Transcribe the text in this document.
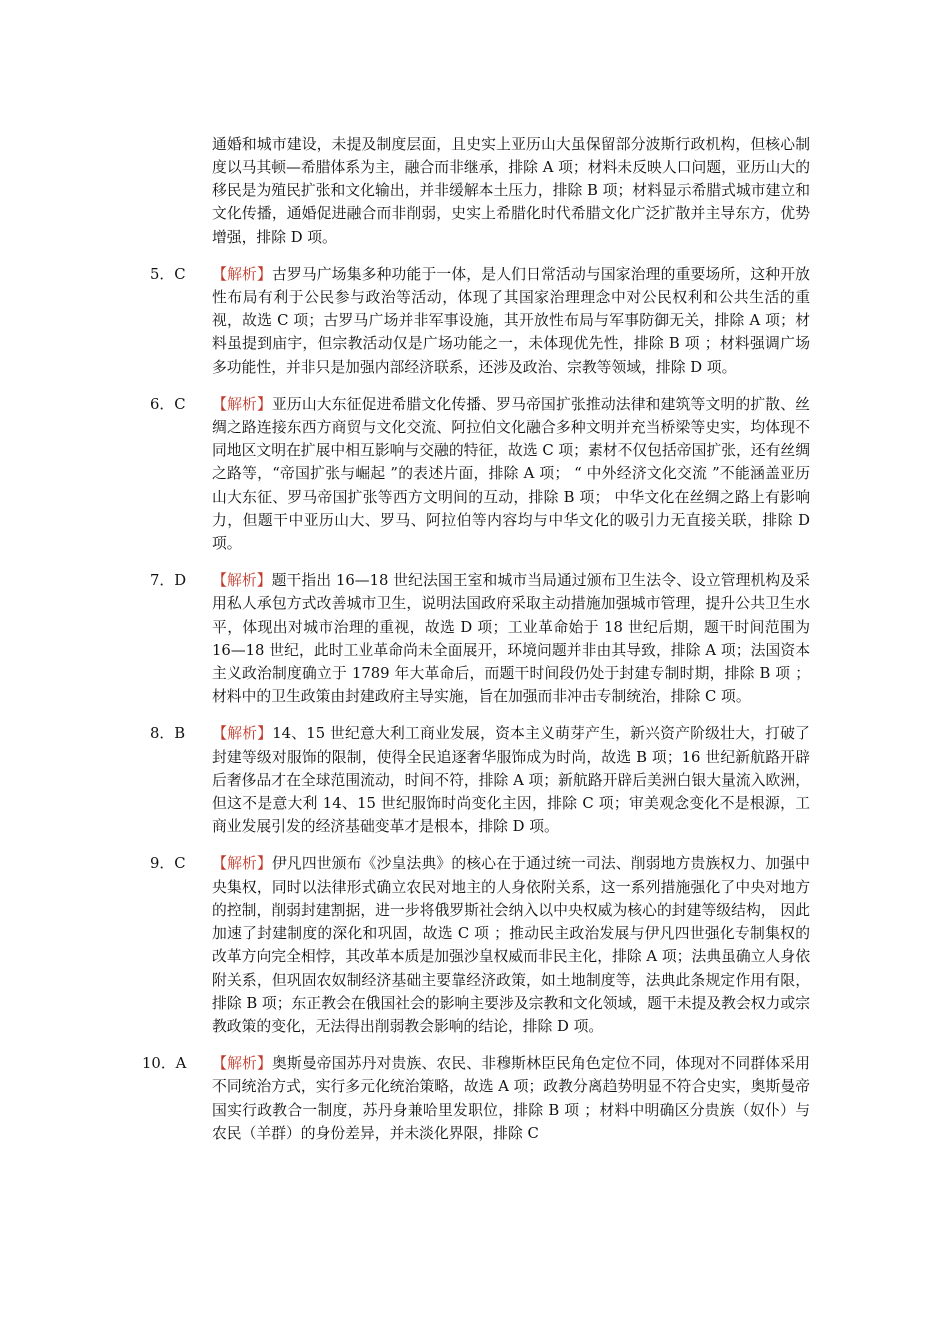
通婚和城市建设，未提及制度层面，且史实上亚历山大虽保留部分波斯行政机构，但核心制度以马其顿—希腊体系为主，融合而非继承，排除 A 项；材料未反映人口问题，亚历山大的移民是为殖民扩张和文化输出，并非缓解本土压力，排除 B 项；材料显示希腊式城市建立和文化传播，通婚促进融合而非削弱，史实上希腊化时代希腊文化广泛扩散并主导东方，优势增强，排除 D 项。

5．C 【解析】古罗马广场集多种功能于一体，是人们日常活动与国家治理的重要场所，这种开放性布局有利于公民参与政治等活动，体现了其国家治理理念中对公民权利和公共生活的重视，故选 C 项；古罗马广场并非军事设施，其开放性布局与军事防御无关，排除 A 项；材料虽提到庙宇，但宗教活动仅是广场功能之一，未体现优先性，排除 B 项 ；材料强调广场多功能性，并非只是加强内部经济联系，还涉及政治、宗教等领域，排除 D 项。
6．C 【解析】亚历山大东征促进希腊文化传播、罗马帝国扩张推动法律和建筑等文明的扩散、丝绸之路连接东西方商贸与文化交流、阿拉伯文化融合多种文明并充当桥梁等史实，均体现不同地区文明在扩展中相互影响与交融的特征，故选 C 项；素材不仅包括帝国扩张，还有丝绸之路等，“帝国扩张与崛起 ”的表述片面，排除 A 项； “ 中外经济文化交流 ”不能涵盖亚历山大东征、罗马帝国扩张等西方文明间的互动，排除 B 项； 中华文化在丝绸之路上有影响力，但题干中亚历山大、罗马、阿拉伯等内容均与中华文化的吸引力无直接关联，排除 D 项。
7．D 【解析】题干指出 16—18 世纪法国王室和城市当局通过颁布卫生法令、设立管理机构及采用私人承包方式改善城市卫生，说明法国政府采取主动措施加强城市管理，提升公共卫生水平，体现出对城市治理的重视，故选 D 项；工业革命始于 18 世纪后期，题干时间范围为 16—18 世纪，此时工业革命尚未全面展开，环境问题并非由其导致，排除 A 项；法国资本主义政治制度确立于 1789 年大革命后，而题干时间段仍处于封建专制时期，排除 B 项 ；材料中的卫生政策由封建政府主导实施，旨在加强而非冲击专制统治，排除 C 项。
8．B 【解析】14、15 世纪意大利工商业发展，资本主义萌芽产生，新兴资产阶级壮大，打破了封建等级对服饰的限制，使得全民追逐奢华服饰成为时尚，故选 B 项；16 世纪新航路开辟后奢侈品才在全球范围流动，时间不符，排除 A 项；新航路开辟后美洲白银大量流入欧洲，但这不是意大利 14、15 世纪服饰时尚变化主因，排除 C 项；审美观念变化不是根源，工商业发展引发的经济基础变革才是根本，排除 D 项。
9．C 【解析】伊凡四世颁布《沙皇法典》的核心在于通过统一司法、削弱地方贵族权力、加强中央集权，同时以法律形式确立农民对地主的人身依附关系，这一系列措施强化了中央对地方的控制，削弱封建割据，进一步将俄罗斯社会纳入以中央权威为核心的封建等级结构， 因此加速了封建制度的深化和巩固，故选 C 项 ；推动民主政治发展与伊凡四世强化专制集权的改革方向完全相悖，其改革本质是加强沙皇权威而非民主化，排除 A 项；法典虽确立人身依附关系，但巩固农奴制经济基础主要靠经济政策，如土地制度等，法典此条规定作用有限，排除 B 项；东正教会在俄国社会的影响主要涉及宗教和文化领域，题干未提及教会权力或宗教政策的变化，无法得出削弱教会影响的结论，排除 D 项。
10．A 【解析】奥斯曼帝国苏丹对贵族、农民、非穆斯林臣民角色定位不同，体现对不同群体采用不同统治方式，实行多元化统治策略，故选 A 项；政教分离趋势明显不符合史实，奥斯曼帝国实行政教合一制度，苏丹身兼哈里发职位，排除 B 项 ；材料中明确区分贵族（奴仆）与农民（羊群）的身份差异，并未淡化界限，排除 C
